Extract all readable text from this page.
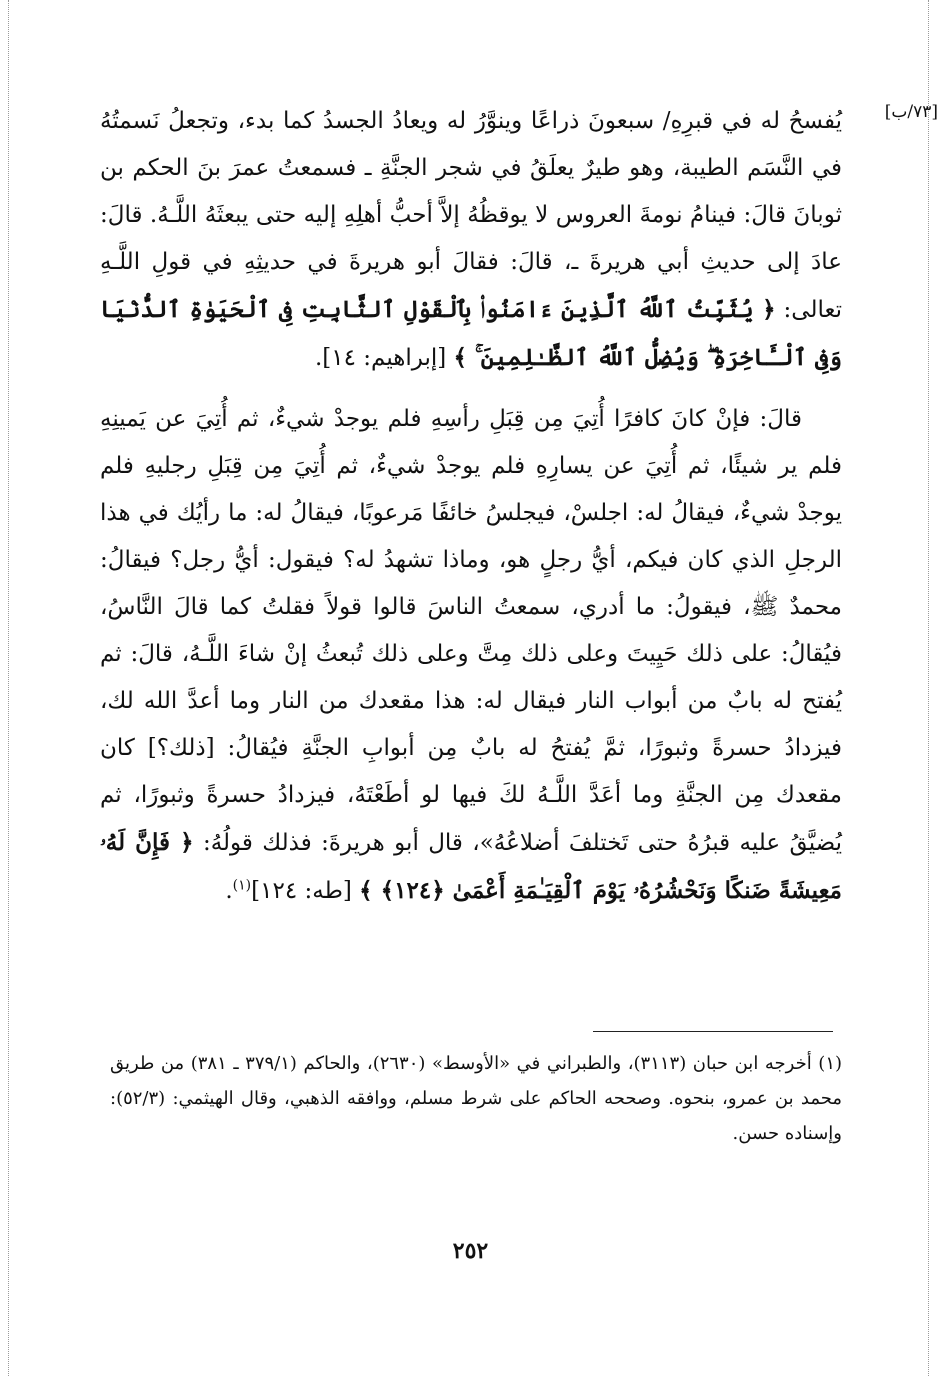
[٧٣/ب]

يُفسحُ له في قبرِهِ/ سبعونَ ذراعًا وينوَّرُ له ويعادُ الجسدُ كما بدء، وتجعلُ نَسمتُهُ في النَّسَم الطيبة، وهو طيرٌ يعلَقُ في شجر الجنَّةِ ـ فسمعتُ عمرَ بنَ الحكم بن ثوبانَ قالَ: فينامُ نومةَ العروس لا يوقظُهُ إلاَّ أحبُّ أهلِهِ إليه حتى يبعثَهُ اللَّـهُ. قالَ: عادَ إلى حديثِ أبي هريرةَ ـ، قالَ: فقالَ أبو هريرةَ في حديثِهِ في قولِ اللَّـهِ تعالى: ﴿ يُثَبِّتُ ٱللَّهُ ٱلَّذِينَ ءَامَنُوا۟ بِٱلْقَوْلِ ٱلثَّابِتِ فِى ٱلْحَيَوٰةِ ٱلدُّنْيَا وَفِى ٱلْـَٔاخِرَةِ ۖ وَيُضِلُّ ٱللَّهُ ٱلظَّـٰلِمِينَ ۚ ﴾ [إبراهيم: ١٤].

قالَ: فإنْ كانَ كافرًا أُتِيَ مِن قِبَلِ رأسِهِ فلم يوجدْ شيءٌ، ثم أُتِيَ عن يَمينِهِ فلم ير شيئًا، ثم أُتِيَ عن يسارِهِ فلم يوجدْ شيءٌ، ثم أُتِيَ مِن قِبَلِ رجليهِ فلم يوجدْ شيءٌ، فيقالُ له: اجلسْ، فيجلسُ خائفًا مَرعوبًا، فيقالُ له: ما رأيُك في هذا الرجلِ الذي كان فيكم، أيُّ رجلٍ هو، وماذا تشهدُ له؟ فيقول: أيُّ رجل؟ فيقالُ: محمدٌ ﷺ، فيقولُ: ما أدري، سمعتُ الناسَ قالوا قولاً فقلتُ كما قالَ النَّاسُ، فيُقالُ: على ذلك حَيِيتَ وعلى ذلك مِتَّ وعلى ذلك تُبعثُ إنْ شاءَ اللَّـهُ، قالَ: ثم يُفتح له بابٌ من أبواب النار فيقال له: هذا مقعدك من النار وما أعدَّ الله لك، فيزدادُ حسرةً وثبورًا، ثمَّ يُفتحُ له بابٌ مِن أبوابِ الجنَّةِ فيُقالُ: [ذلك؟] كان مقعدك مِن الجنَّةِ وما أعَدَّ اللَّـهُ لكَ فيها لو أطَعْتَهُ، فيزدادُ حسرةً وثبورًا، ثم يُضيَّقُ عليه قبرُهُ حتى تَختلفَ أضلاعُهُ»، قال أبو هريرةَ: فذلك قولُهُ: ﴿ فَإِنَّ لَهُۥ مَعِيشَةً ضَنكًا وَنَحْشُرُهُۥ يَوْمَ ٱلْقِيَـٰمَةِ أَعْمَىٰ ﴿١٢٤﴾ ﴾ [طه: ١٢٤]$^{(١)}$.

(١) أخرجه ابن حبان (٣١١٣)، والطبراني في «الأوسط» (٢٦٣٠)، والحاكم (٣٧٩/١ ـ ٣٨١) من طريق محمد بن عمرو، بنحوه. وصححه الحاكم على شرط مسلم، ووافقه الذهبي، وقال الهيثمي: (٥٢/٣): وإسناده حسن.

٢٥٢
